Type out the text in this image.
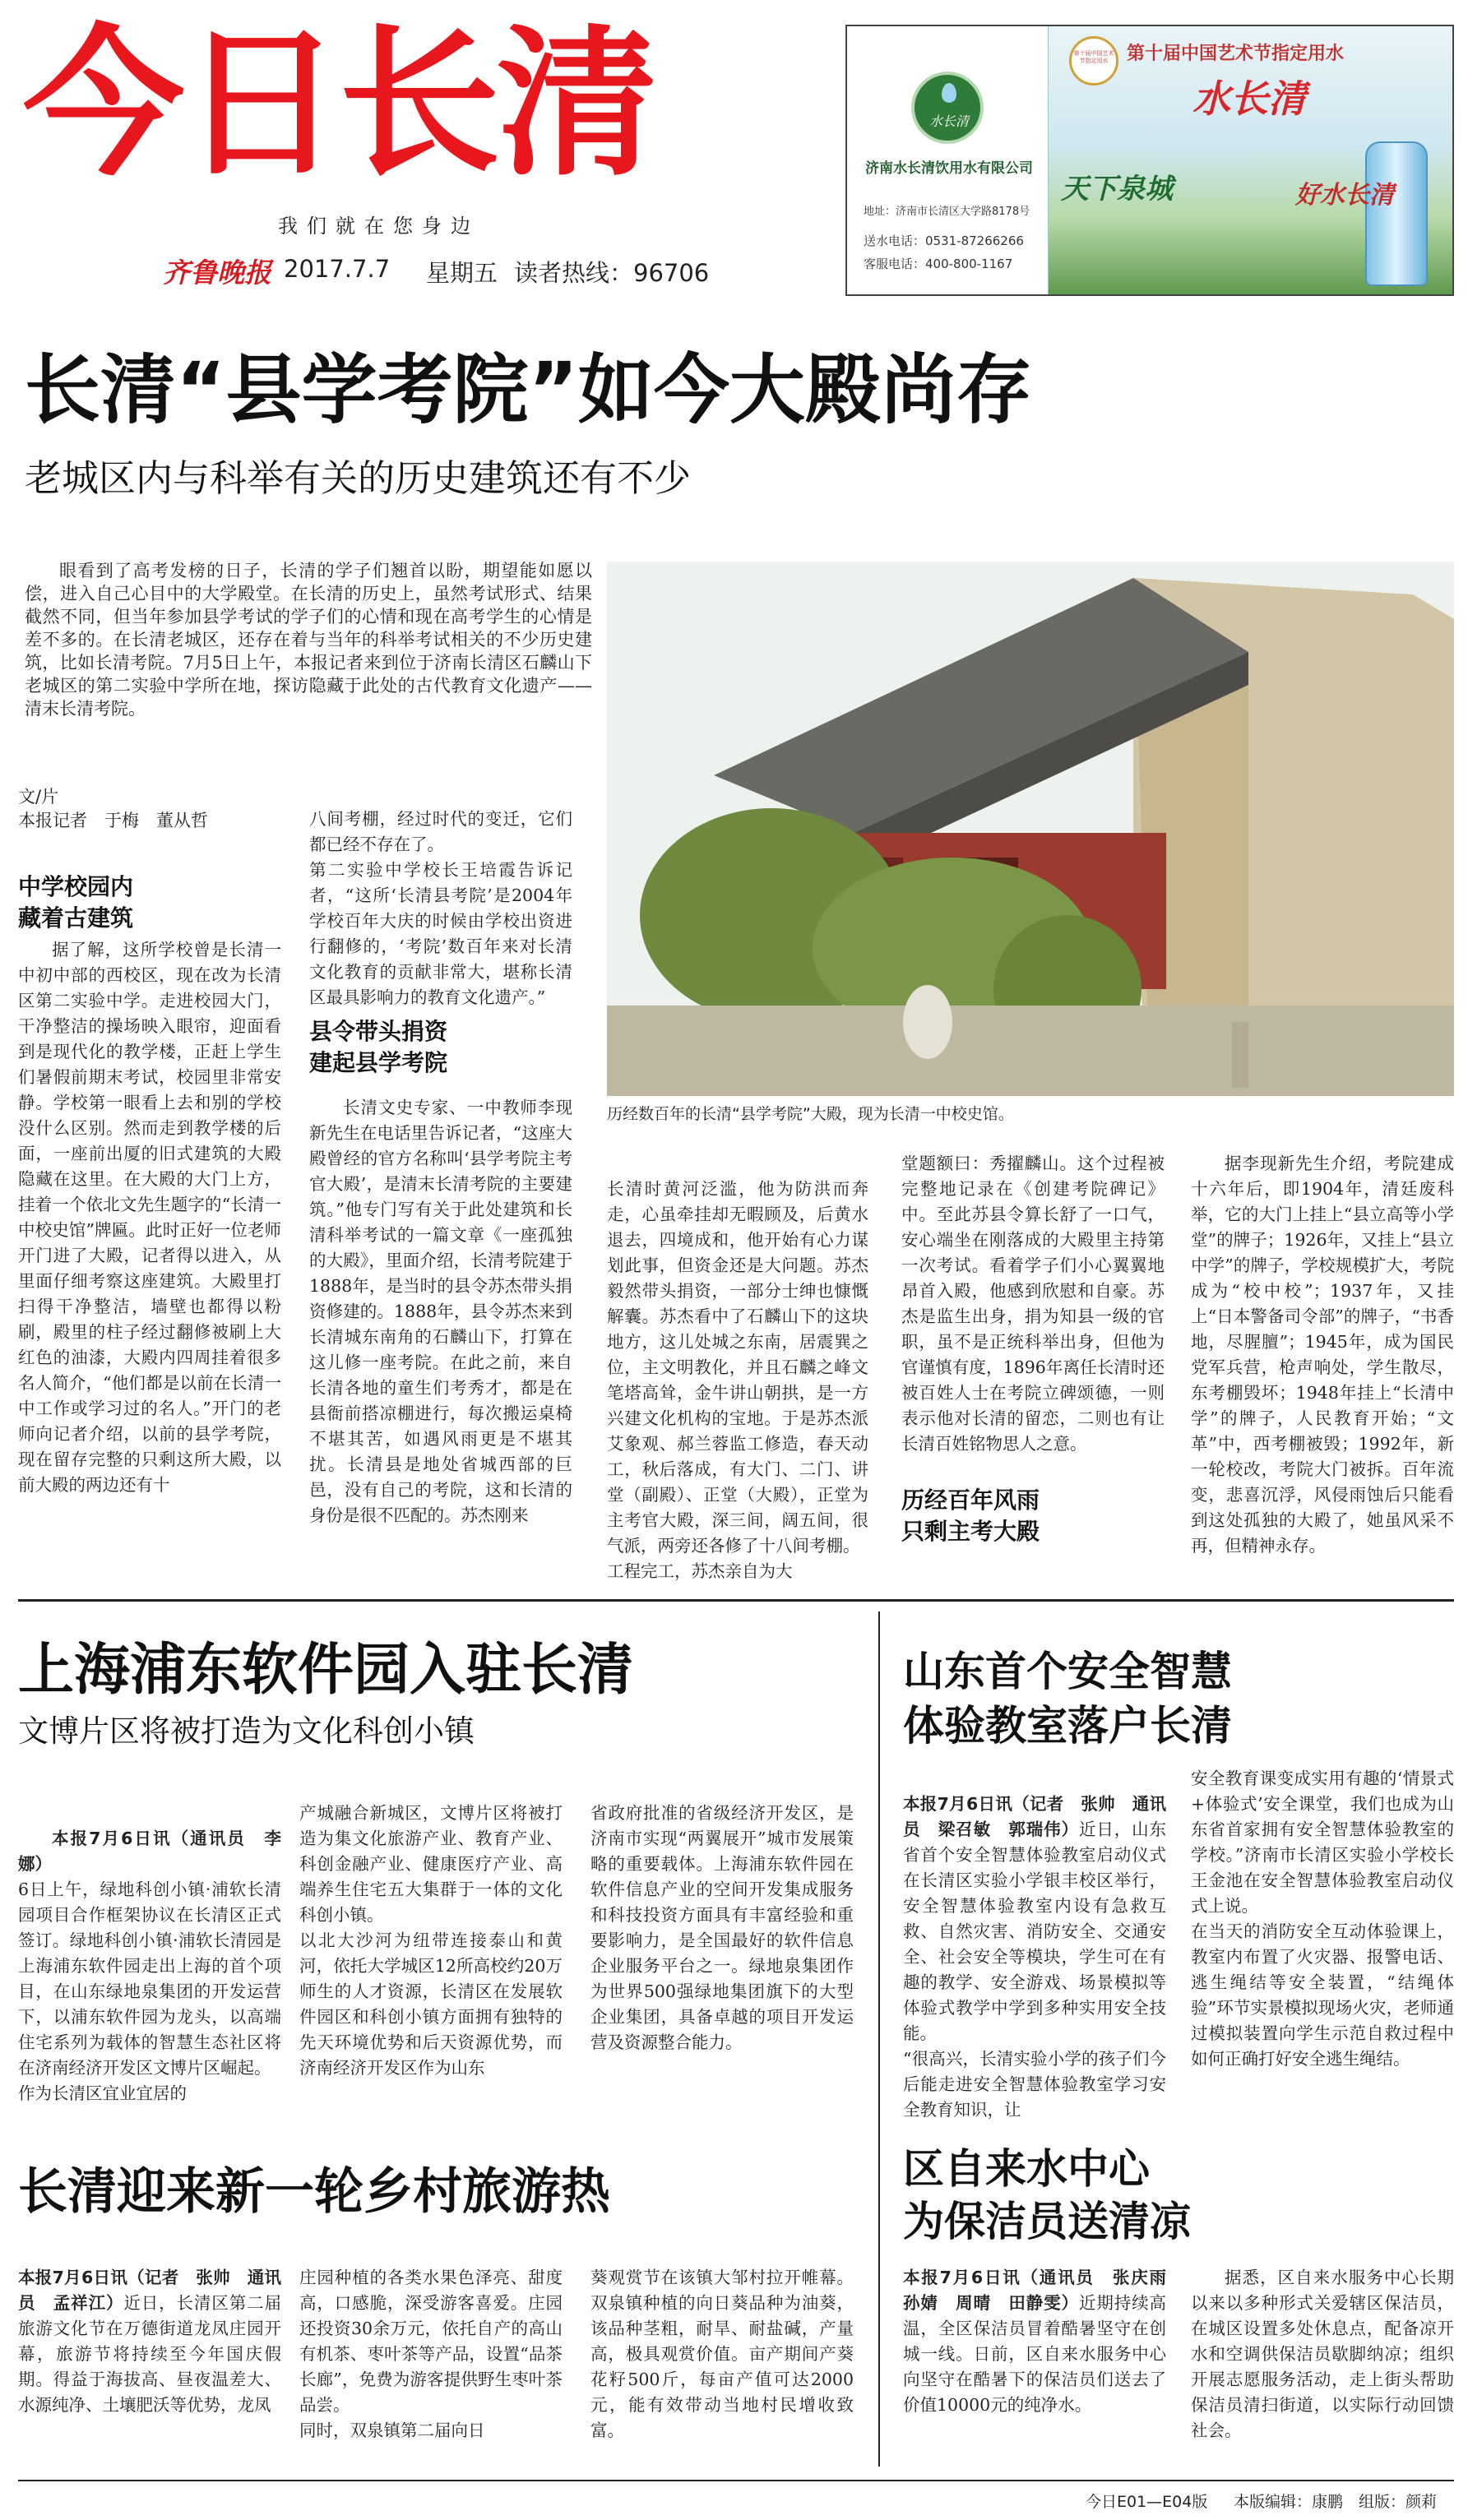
今日长清
我们就在您身边
齐鲁晚报 2017.7.7 星期五 读者热线：96706
水长清
济南水长清饮用水有限公司
地址：济南市长清区大学路8178号
送水电话：0531-87266266
客服电话：400-800-1167
第十届中国艺术节指定用水	第十届中国艺术节指定用水
水长清
天下泉城	好水长清
长清“县学考院”如今大殿尚存
老城区内与科举有关的历史建筑还有不少

眼看到了高考发榜的日子，长清的学子们翘首以盼，期望能如愿以偿，进入自己心目中的大学殿堂。在长清的历史上，虽然考试形式、结果截然不同，但当年参加县学考试的学子们的心情和现在高考学生的心情是差不多的。在长清老城区，还存在着与当年的科举考试相关的不少历史建筑，比如长清考院。7月5日上午，本报记者来到位于济南长清区石麟山下老城区的第二实验中学所在地，探访隐藏于此处的古代教育文化遗产——清末长清考院。

文/片
本报记者　于梅　董从哲
中学校园内
藏着古建筑
据了解，这所学校曾是长清一中初中部的西校区，现在改为长清区第二实验中学。走进校园大门，干净整洁的操场映入眼帘，迎面看到是现代化的教学楼，正赶上学生们暑假前期末考试，校园里非常安静。学校第一眼看上去和别的学校没什么区别。然而走到教学楼的后面，一座前出厦的旧式建筑的大殿隐藏在这里。在大殿的大门上方，挂着一个依北文先生题字的“长清一中校史馆”牌匾。此时正好一位老师开门进了大殿，记者得以进入，从里面仔细考察这座建筑。大殿里打扫得干净整洁，墙壁也都得以粉刷，殿里的柱子经过翻修被刷上大红色的油漆，大殿内四周挂着很多名人简介，“他们都是以前在长清一中工作或学习过的名人。”开门的老师向记者介绍，以前的县学考院，现在留存完整的只剩这所大殿，以前大殿的两边还有十

八间考棚，经过时代的变迁，它们都已经不存在了。
第二实验中学校长王培霞告诉记者，“这所‘长清县考院’是2004年学校百年大庆的时候由学校出资进行翻修的，‘考院’数百年来对长清文化教育的贡献非常大，堪称长清区最具影响力的教育文化遗产。”

县令带头捐资
建起县学考院
长清文史专家、一中教师李现新先生在电话里告诉记者，“这座大殿曾经的官方名称叫‘县学考院主考官大殿’，是清末长清考院的主要建筑。”他专门写有关于此处建筑和长清科举考试的一篇文章《一座孤独的大殿》，里面介绍，长清考院建于1888年，是当时的县令苏杰带头捐资修建的。1888年，县令苏杰来到长清城东南角的石麟山下，打算在这儿修一座考院。在此之前，来自长清各地的童生们考秀才，都是在县衙前搭凉棚进行，每次搬运桌椅不堪其苦，如遇风雨更是不堪其扰。长清县是地处省城西部的巨邑，没有自己的考院，这和长清的身份是很不匹配的。苏杰刚来
历经数百年的长清“县学考院”大殿，现为长清一中校史馆。

长清时黄河泛滥，他为防洪而奔走，心虽牵挂却无暇顾及，后黄水退去，四境成和，他开始有心力谋划此事，但资金还是大问题。苏杰毅然带头捐资，一部分士绅也慷慨解囊。苏杰看中了石麟山下的这块地方，这儿处城之东南，居震巽之位，主文明教化，并且石麟之峰文笔塔高耸，金牛讲山朝拱，是一方兴建文化机构的宝地。于是苏杰派艾象观、郝兰蓉监工修造，春天动工，秋后落成，有大门、二门、讲堂（副殿）、正堂（大殿），正堂为主考官大殿，深三间，阔五间，很气派，两旁还各修了十八间考棚。
工程完工，苏杰亲自为大

堂题额曰：秀擢麟山。这个过程被完整地记录在《创建考院碑记》中。至此苏县令算长舒了一口气，安心端坐在刚落成的大殿里主持第一次考试。看着学子们小心翼翼地昂首入殿，他感到欣慰和自豪。苏杰是监生出身，捐为知县一级的官职，虽不是正统科举出身，但他为官谨慎有度，1896年离任长清时还被百姓人士在考院立碑颂德，一则表示他对长清的留恋，二则也有让长清百姓铭物思人之意。
历经百年风雨
只剩主考大殿
据李现新先生介绍，考院建成十六年后，即1904年，清廷废科举，它的大门上挂上“县立高等小学堂”的牌子；1926年，又挂上“县立中学”的牌子，学校规模扩大，考院成为“校中校”；1937年，又挂上“日本警备司令部”的牌子，“书香地，尽腥膻”；1945年，成为国民党军兵营，枪声响处，学生散尽，东考棚毁坏；1948年挂上“长清中学”的牌子，人民教育开始；“文革”中，西考棚被毁；1992年，新一轮校改，考院大门被拆。百年流变，悲喜沉浮，风侵雨蚀后只能看到这处孤独的大殿了，她虽风采不再，但精神永存。
上海浦东软件园入驻长清
文博片区将被打造为文化科创小镇

本报7月6日讯（通讯员　李娜）
6日上午，绿地科创小镇·浦软长清园项目合作框架协议在长清区正式签订。绿地科创小镇·浦软长清园是上海浦东软件园走出上海的首个项目，在山东绿地泉集团的开发运营下，以浦东软件园为龙头，以高端住宅系列为载体的智慧生态社区将在济南经济开发区文博片区崛起。
作为长清区宜业宜居的

产城融合新城区，文博片区将被打造为集文化旅游产业、教育产业、科创金融产业、健康医疗产业、高端养生住宅五大集群于一体的文化科创小镇。
以北大沙河为纽带连接泰山和黄河，依托大学城区12所高校约20万师生的人才资源，长清区在发展软件园区和科创小镇方面拥有独特的先天环境优势和后天资源优势，而济南经济开发区作为山东
省政府批准的省级经济开发区，是济南市实现“两翼展开”城市发展策略的重要载体。上海浦东软件园在软件信息产业的空间开发集成服务和科技投资方面具有丰富经验和重要影响力，是全国最好的软件信息企业服务平台之一。绿地泉集团作为世界500强绿地集团旗下的大型企业集团，具备卓越的项目开发运营及资源整合能力。
山东首个安全智慧
体验教室落户长清

本报7月6日讯（记者　张帅　通讯员　梁召敏　郭瑞伟）近日，山东省首个安全智慧体验教室启动仪式在长清区实验小学银丰校区举行，安全智慧体验教室内设有急救互救、自然灾害、消防安全、交通安全、社会安全等模块，学生可在有趣的教学、安全游戏、场景模拟等体验式教学中学到多种实用安全技能。
“很高兴，长清实验小学的孩子们今后能走进安全智慧体验教室学习安全教育知识，让

安全教育课变成实用有趣的‘情景式+体验式’安全课堂，我们也成为山东省首家拥有安全智慧体验教室的学校。”济南市长清区实验小学校长王金池在安全智慧体验教室启动仪式上说。
在当天的消防安全互动体验课上，教室内布置了火灾器、报警电话、逃生绳结等安全装置，“结绳体验”环节实景模拟现场火灾，老师通过模拟装置向学生示范自救过程中如何正确打好安全逃生绳结。
长清迎来新一轮乡村旅游热
本报7月6日讯（记者　张帅　通讯员　孟祥江）近日，长清区第二届旅游文化节在万德街道龙凤庄园开幕，旅游节将持续至今年国庆假期。得益于海拔高、昼夜温差大、水源纯净、土壤肥沃等优势，龙凤
庄园种植的各类水果色泽亮、甜度高，口感脆，深受游客喜爱。庄园还投资30余万元，依托自产的高山有机茶、枣叶茶等产品，设置“品茶长廊”，免费为游客提供野生枣叶茶品尝。
同时，双泉镇第二届向日
葵观赏节在该镇大邹村拉开帷幕。双泉镇种植的向日葵品种为油葵，该品种茎粗，耐旱、耐盐碱，产量高，极具观赏价值。亩产期间产葵花籽500斤，每亩产值可达2000元，能有效带动当地村民增收致富。
区自来水中心
为保洁员送清凉
本报7月6日讯（通讯员　张庆雨　孙婧　周晴　田静雯）近期持续高温，全区保洁员冒着酷暑坚守在创城一线。日前，区自来水服务中心向坚守在酷暑下的保洁员们送去了价值10000元的纯净水。
据悉，区自来水服务中心长期以来以多种形式关爱辖区保洁员，在城区设置多处休息点，配备凉开水和空调供保洁员歇脚纳凉；组织开展志愿服务活动，走上街头帮助保洁员清扫街道，以实际行动回馈社会。
今日E01—E04版 本版编辑：康鹏　组版：颜莉
